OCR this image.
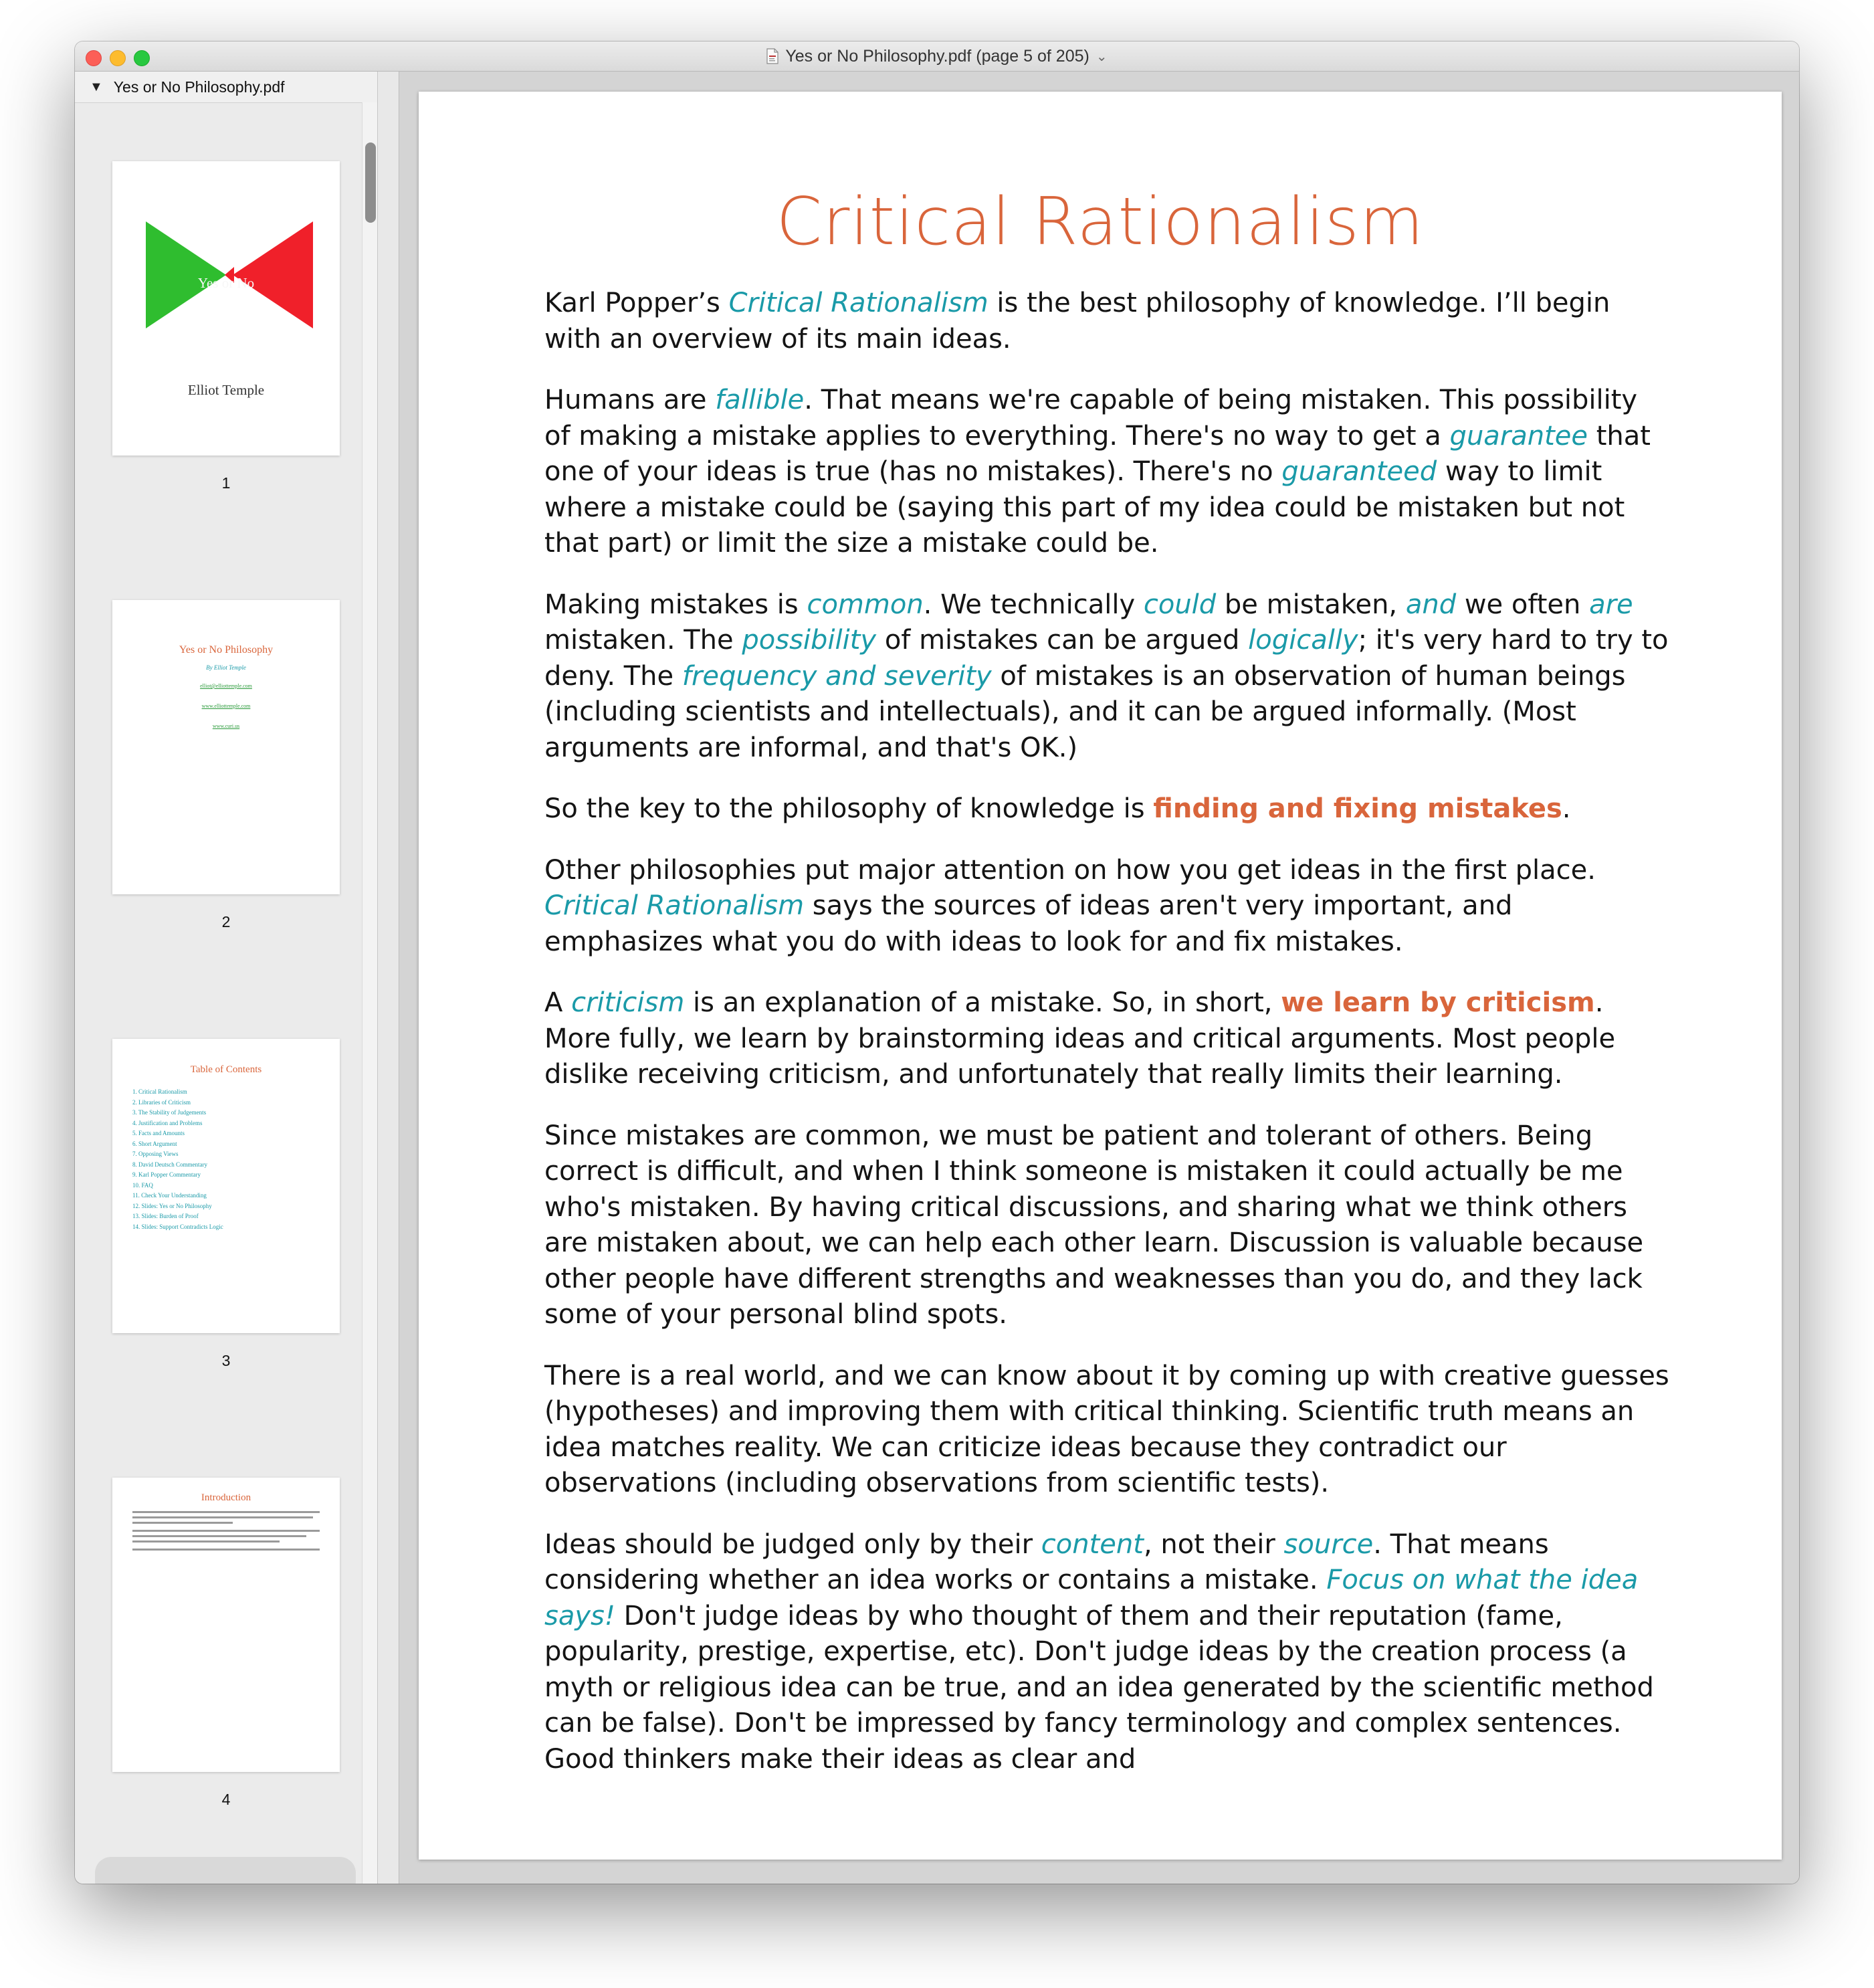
Yes or No Philosophy.pdf (page 5 of 205) ⌄
▼ Yes or No Philosophy.pdf
Yes or No
Philosophy
Elliot Temple
1
Yes or No Philosophy
By Elliot Temple
elliot@elliottemple.com
www.elliottemple.com
www.curi.us
2
Table of Contents
1. Critical Rationalism
2. Libraries of Criticism
3. The Stability of Judgements
4. Justification and Problems
5. Facts and Amounts
6. Short Argument
7. Opposing Views
8. David Deutsch Commentary
9. Karl Popper Commentary
10. FAQ
11. Check Your Understanding
12. Slides: Yes or No Philosophy
13. Slides: Burden of Proof
14. Slides: Support Contradicts Logic
3
Introduction
4
Critical Rationalism

Karl Popper’s Critical Rationalism is the best philosophy of knowledge. I’ll begin with an overview of its main ideas.

Humans are fallible. That means we're capable of being mistaken. This possibility of making a mistake applies to everything. There's no way to get a guarantee that one of your ideas is true (has no mistakes). There's no guaranteed way to limit where a mistake could be (saying this part of my idea could be mistaken but not that part) or limit the size a mistake could be.

Making mistakes is common. We technically could be mistaken, and we often are mistaken. The possibility of mistakes can be argued logically; it's very hard to try to deny. The frequency and severity of mistakes is an observation of human beings (including scientists and intellectuals), and it can be argued informally. (Most arguments are informal, and that's OK.)

So the key to the philosophy of knowledge is finding and fixing mistakes.

Other philosophies put major attention on how you get ideas in the first place. Critical Rationalism says the sources of ideas aren't very important, and emphasizes what you do with ideas to look for and fix mistakes.

A criticism is an explanation of a mistake. So, in short, we learn by criticism. More fully, we learn by brainstorming ideas and critical arguments. Most people dislike receiving criticism, and unfortunately that really limits their learning.

Since mistakes are common, we must be patient and tolerant of others. Being correct is difficult, and when I think someone is mistaken it could actually be me who's mistaken. By having critical discussions, and sharing what we think others are mistaken about, we can help each other learn. Discussion is valuable because other people have different strengths and weaknesses than you do, and they lack some of your personal blind spots.

There is a real world, and we can know about it by coming up with creative guesses (hypotheses) and improving them with critical thinking. Scientific truth means an idea matches reality. We can criticize ideas because they contradict our observations (including observations from scientific tests).

Ideas should be judged only by their content, not their source. That means considering whether an idea works or contains a mistake. Focus on what the idea says! Don't judge ideas by who thought of them and their reputation (fame, popularity, prestige, expertise, etc). Don't judge ideas by the creation process (a myth or religious idea can be true, and an idea generated by the scientific method can be false). Don't be impressed by fancy terminology and complex sentences. Good thinkers make their ideas as clear and
